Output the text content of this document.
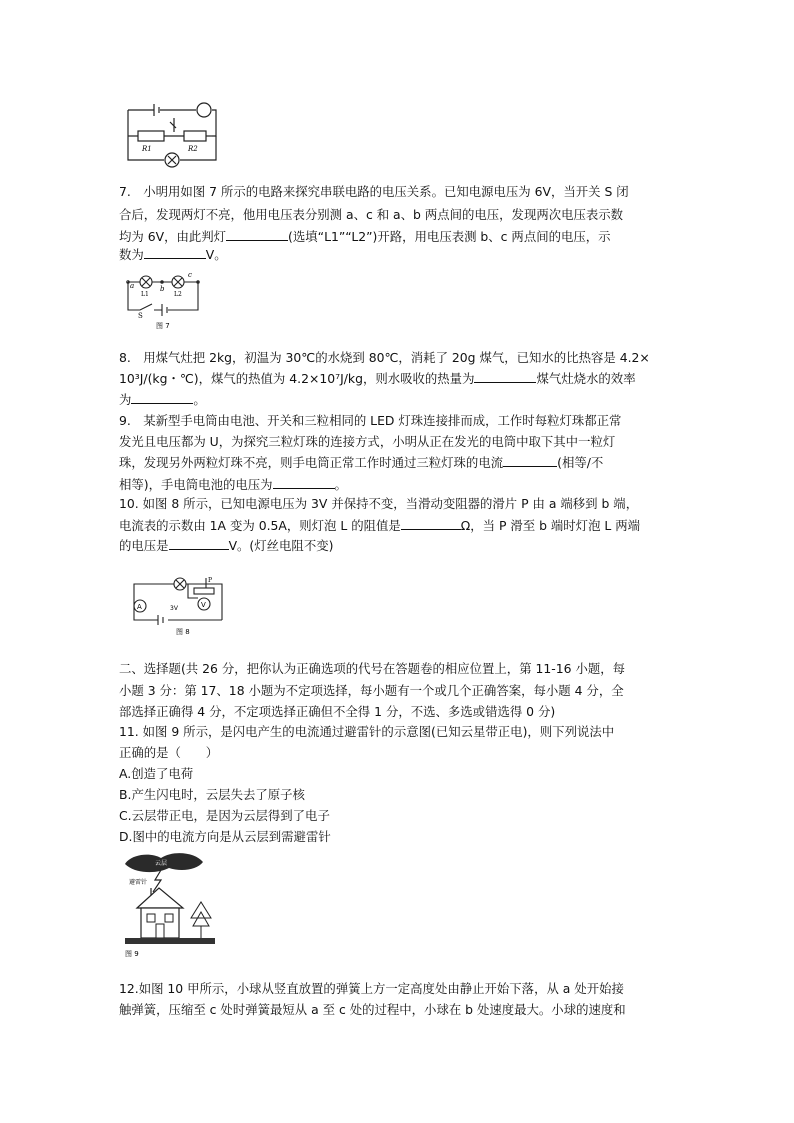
R1	R2
7.　小明用如图 7 所示的电路来探究串联电路的电压关系。已知电源电压为 6V，当开关 S 闭
合后，发现两灯不亮，他用电压表分别测 a、c 和 a、b 两点间的电压，发现两次电压表示数
均为 6V，由此判灯	(选填“L1”“L2”)开路，用电压表测 b、c 两点间的电压，示
数为	V。
a	b
c
L1	L2
S
图 7
8.　用煤气灶把 2kg，初温为 30℃的水烧到 80℃，消耗了 20g 煤气，已知水的比热容是 4.2×
10³J/(kg・℃)，煤气的热值为 4.2×10⁷J/kg，则水吸收的热量为	煤气灶烧水的效率
为	。
9.　某新型手电筒由电池、开关和三粒相同的 LED 灯珠连接排而成，工作时每粒灯珠都正常
发光且电压都为 U，为探究三粒灯珠的连接方式，小明从正在发光的电筒中取下其中一粒灯
珠，发现另外两粒灯珠不亮，则手电筒正常工作时通过三粒灯珠的电流	(相等/不
相等)，手电筒电池的电压为	。
10. 如图 8 所示，已知电源电压为 3V 并保持不变，当滑动变阻器的滑片 P 由 a 端移到 b 端，
电流表的示数由 1A 变为 0.5A，则灯泡 L 的阻值是	Ω，当 P 滑至 b 端时灯泡 L 两端
的电压是	V。(灯丝电阻不变)
A	V
3V
P
图 8
二、选择题(共 26 分，把你认为正确选项的代号在答题卷的相应位置上，第 11-16 小题，每
小题 3 分：第 17、18 小题为不定项选择，每小题有一个或几个正确答案，每小题 4 分，全
部选择正确得 4 分，不定项选择正确但不全得 1 分，不选、多选或错选得 0 分)
11. 如图 9 所示，是闪电产生的电流通过避雷针的示意图(已知云星带正电)，则下列说法中
正确的是（　　）
A.创造了电荷
B.产生闪电时，云层失去了原子核
C.云层带正电，是因为云层得到了电子
D.图中的电流方向是从云层到需避雷针
云层
避雷针
图 9
12.如图 10 甲所示，小球从竖直放置的弹簧上方一定高度处由静止开始下落，从 a 处开始接
触弹簧，压缩至 c 处时弹簧最短从 a 至 c 处的过程中，小球在 b 处速度最大。小球的速度和
